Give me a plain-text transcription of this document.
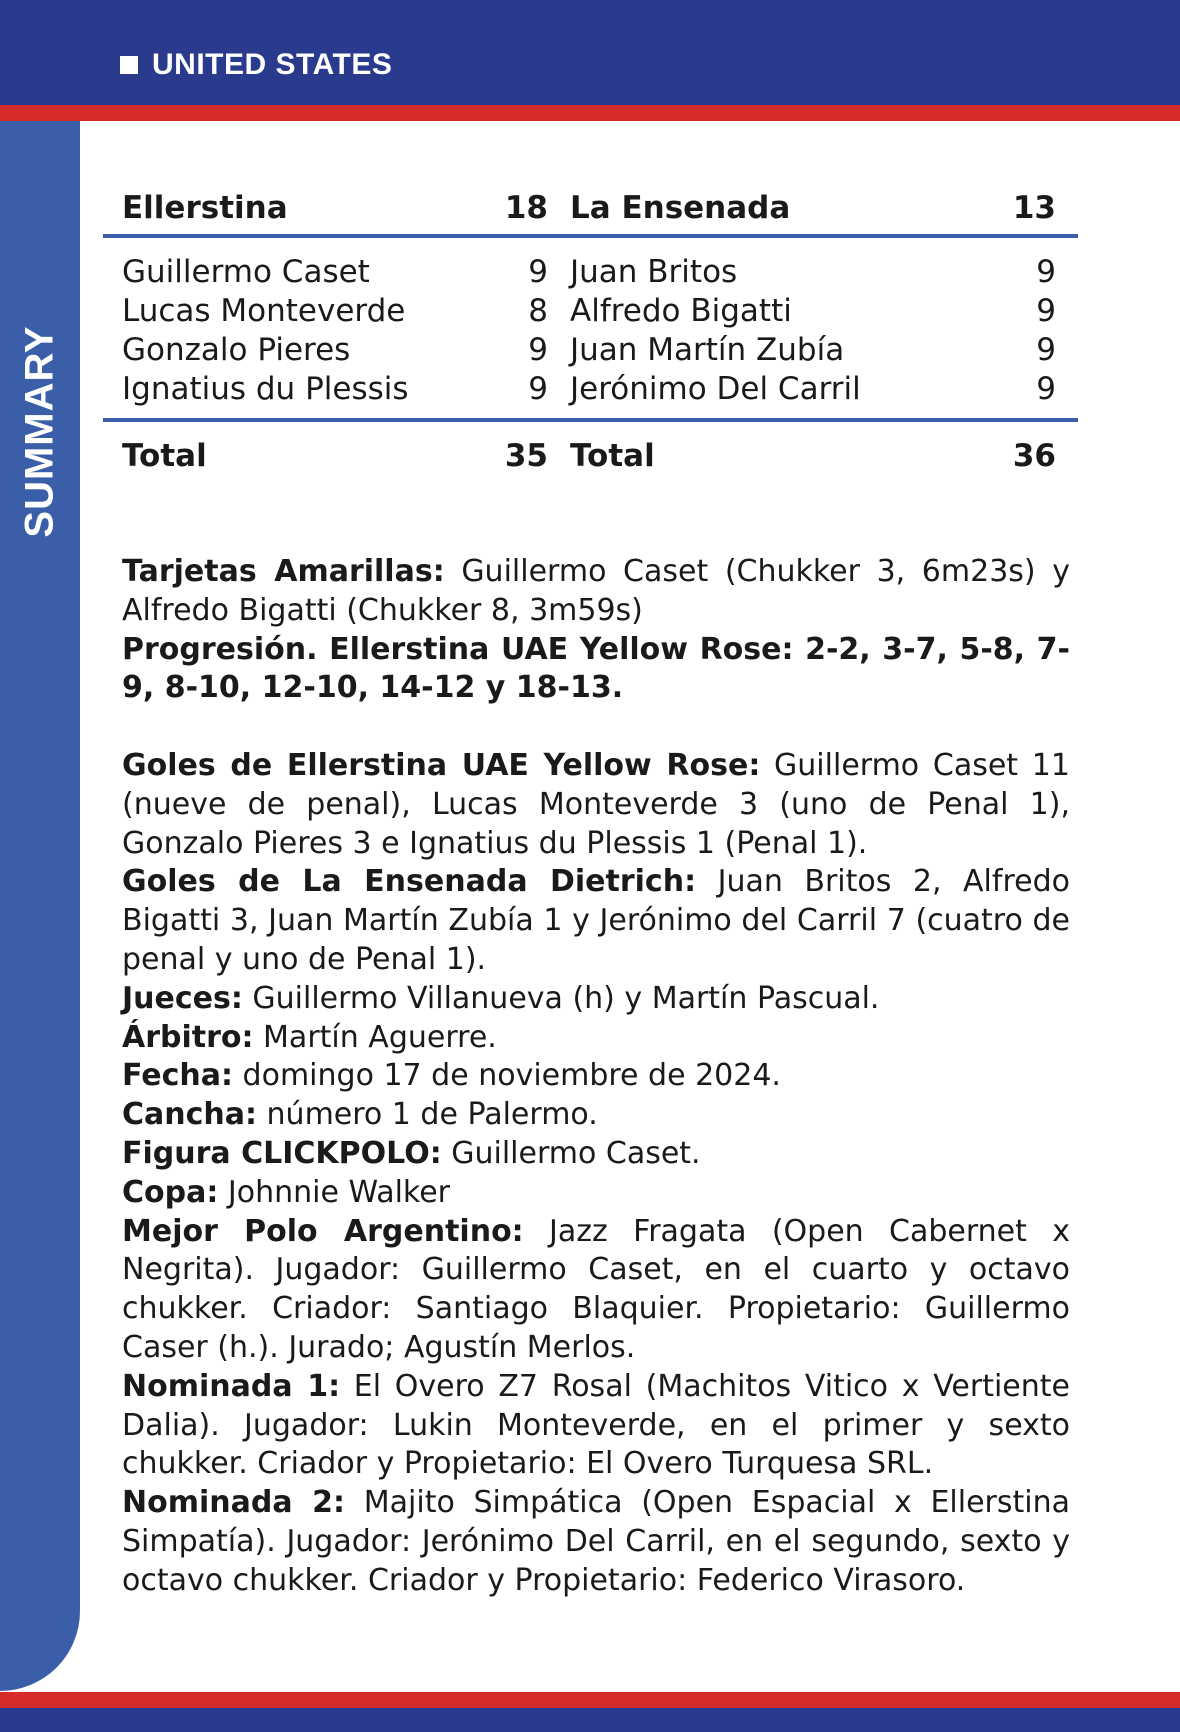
UNITED STATES
SUMMARY
Ellerstina	18 La Ensenada	13
Guillermo Caset	9 Juan Britos	9
Lucas Monteverde	8 Alfredo Bigatti	9
Gonzalo Pieres	9 Juan Martín Zubía	9
Ignatius du Plessis	9 Jerónimo Del Carril	9
Total	35 Total	36

Tarjetas Amarillas: Guillermo Caset (Chukker 3, 6m23s) y Alfredo Bigatti (Chukker 8, 3m59s)

Progresión. Ellerstina UAE Yellow Rose: 2-2, 3-7, 5-8, 7-9, 8-10, 12-10, 14-12 y 18-13.

Goles de Ellerstina UAE Yellow Rose: Guillermo Caset 11 (nueve de penal), Lucas Monteverde 3 (uno de Penal 1), Gonzalo Pieres 3 e Ignatius du Plessis 1 (Penal 1).

Goles de La Ensenada Dietrich: Juan Britos 2, Alfredo Bigatti 3, Juan Martín Zubía 1 y Jerónimo del Carril 7 (cuatro de penal y uno de Penal 1).

Jueces: Guillermo Villanueva (h) y Martín Pascual.

Árbitro: Martín Aguerre.

Fecha: domingo 17 de noviembre de 2024.

Cancha: número 1 de Palermo.

Figura CLICKPOLO: Guillermo Caset.

Copa: Johnnie Walker

Mejor Polo Argentino: Jazz Fragata (Open Cabernet x Negrita). Jugador: Guillermo Caset, en el cuarto y octavo chukker. Criador: Santiago Blaquier. Propietario: Guillermo Caser (h.). Jurado; Agustín Merlos.

Nominada 1: El Overo Z7 Rosal (Machitos Vitico x Vertiente Dalia). Jugador: Lukin Monteverde, en el primer y sexto chukker. Criador y Propietario: El Overo Turquesa SRL.

Nominada 2: Majito Simpática (Open Espacial x Ellerstina Simpatía). Jugador: Jerónimo Del Carril, en el segundo, sexto y octavo chukker. Criador y Propietario: Federico Virasoro.
